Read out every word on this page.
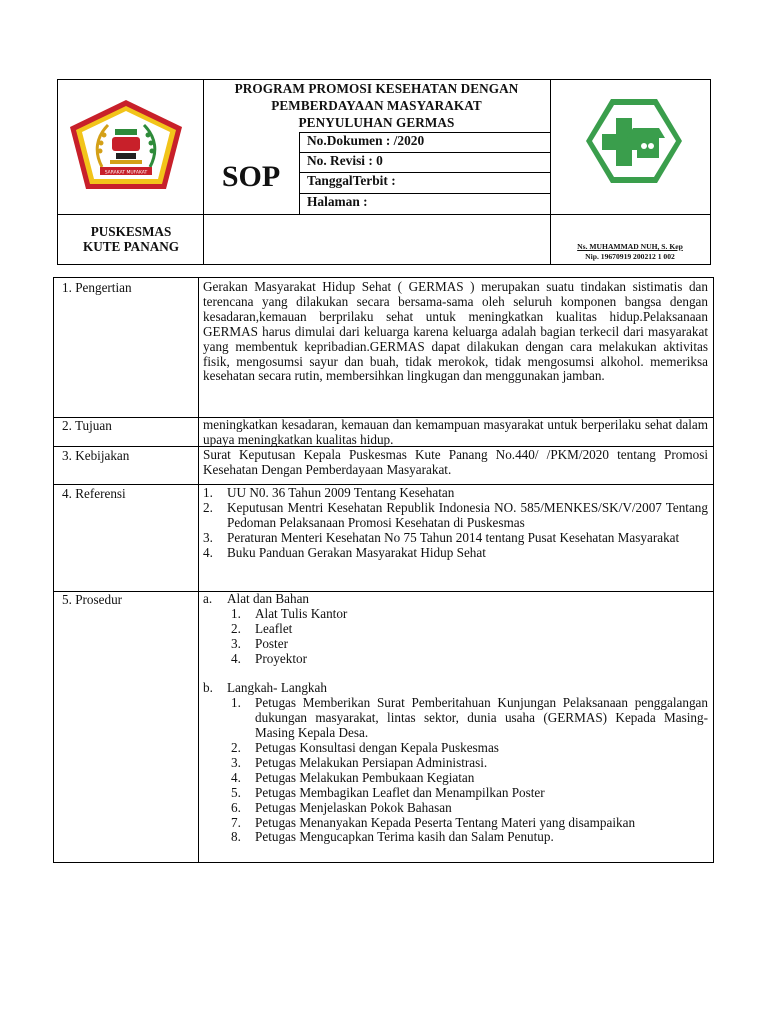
SARAKAT MUFAKAT
PROGRAM PROMOSI KESEHATAN DENGAN
PEMBERDAYAAN MASYARAKAT
PENYULUHAN GERMAS
SOP
No.Dokumen : /2020
No. Revisi : 0
TanggalTerbit :
Halaman :
PUSKESMAS
KUTE PANANG	Ns. MUHAMMAD NUH, S. Kep
Nip. 19670919 200212 1 002
1. Pengertian	Gerakan Masyarakat Hidup Sehat ( GERMAS ) merupakan suatu tindakan sistimatis dan terencana yang dilakukan secara bersama-sama oleh seluruh komponen bangsa dengan kesadaran,kemauan berprilaku sehat untuk meningkatkan kualitas hidup.Pelaksanaan GERMAS harus dimulai dari keluarga karena keluarga adalah bagian terkecil dari masyarakat yang membentuk kepribadian.GERMAS dapat dilakukan dengan cara melakukan aktivitas fisik, mengosumsi sayur dan buah, tidak merokok, tidak mengosumsi alkohol. memeriksa kesehatan secara rutin, membersihkan lingkugan dan menggunakan jamban.
2. Tujuan	meningkatkan kesadaran, kemauan dan kemampuan masyarakat untuk berperilaku sehat dalam upaya meningkatkan kualitas hidup.
3. Kebijakan	Surat Keputusan Kepala Puskesmas Kute Panang No.440/ /PKM/2020 tentang Promosi Kesehatan Dengan Pemberdayaan Masyarakat.
4. Referensi	1. UU N0. 36 Tahun 2009 Tentang Kesehatan
2. Keputusan Mentri Kesehatan Republik Indonesia NO. 585/MENKES/SK/V/2007 Tentang Pedoman Pelaksanaan Promosi Kesehatan di Puskesmas
3. Peraturan Menteri Kesehatan No 75 Tahun 2014 tentang Pusat Kesehatan Masyarakat
4. Buku Panduan Gerakan Masyarakat Hidup Sehat
5. Prosedur	a. Alat dan Bahan
1. Alat Tulis Kantor
2. Leaflet
3. Poster
4. Proyektor
b. Langkah- Langkah
1. Petugas Memberikan Surat Pemberitahuan Kunjungan Pelaksanaan penggalangan dukungan masyarakat, lintas sektor, dunia usaha (GERMAS) Kepada Masing- Masing Kepala Desa.
2. Petugas Konsultasi dengan Kepala Puskesmas
3. Petugas Melakukan Persiapan Administrasi.
4. Petugas Melakukan Pembukaan Kegiatan
5. Petugas Membagikan Leaflet dan Menampilkan Poster
6. Petugas Menjelaskan Pokok Bahasan
7. Petugas Menanyakan Kepada Peserta Tentang Materi yang disampaikan
8. Petugas Mengucapkan Terima kasih dan Salam Penutup.
